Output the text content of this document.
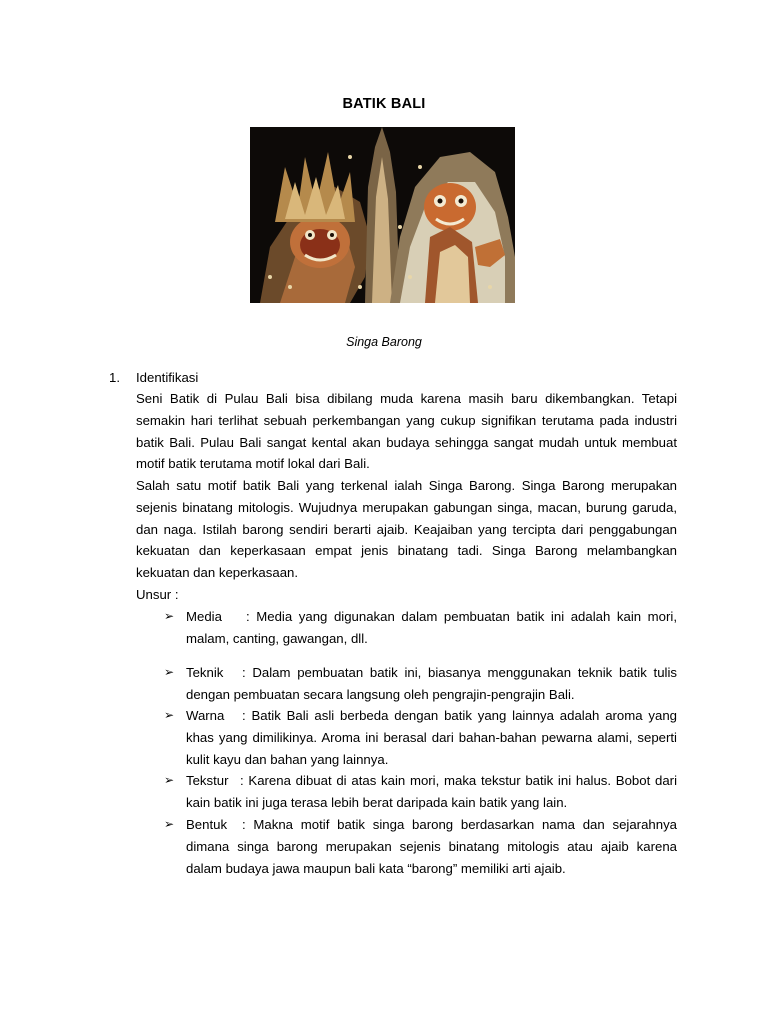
BATIK BALI
Singa Barong
1. Identifikasi
Seni Batik di Pulau Bali bisa dibilang muda karena masih baru dikembangkan. Tetapi semakin hari terlihat sebuah perkembangan yang cukup signifikan terutama pada industri batik Bali. Pulau Bali sangat kental akan budaya sehingga sangat mudah untuk membuat motif batik terutama motif lokal dari Bali.
Salah satu motif batik Bali yang terkenal ialah Singa Barong. Singa Barong merupakan sejenis binatang mitologis. Wujudnya merupakan gabungan singa, macan, burung garuda, dan naga. Istilah barong sendiri berarti ajaib. Keajaiban yang tercipta dari penggabungan kekuatan dan keperkasaan empat jenis binatang tadi. Singa Barong melambangkan kekuatan dan keperkasaan.
Unsur :
➢ Media : Media yang digunakan dalam pembuatan batik ini adalah kain mori, malam, canting, gawangan, dll.
➢ Teknik : Dalam pembuatan batik ini, biasanya menggunakan teknik batik tulis dengan pembuatan secara langsung oleh pengrajin-pengrajin Bali.
➢ Warna : Batik Bali asli berbeda dengan batik yang lainnya adalah aroma yang khas yang dimilikinya. Aroma ini berasal dari bahan-bahan pewarna alami, seperti kulit kayu dan bahan yang lainnya.
➢ Tekstur : Karena dibuat di atas kain mori, maka tekstur batik ini halus. Bobot dari kain batik ini juga terasa lebih berat daripada kain batik yang lain.
➢ Bentuk : Makna motif batik singa barong berdasarkan nama dan sejarahnya dimana singa barong merupakan sejenis binatang mitologis atau ajaib karena dalam budaya jawa maupun bali kata “barong” memiliki arti ajaib.
